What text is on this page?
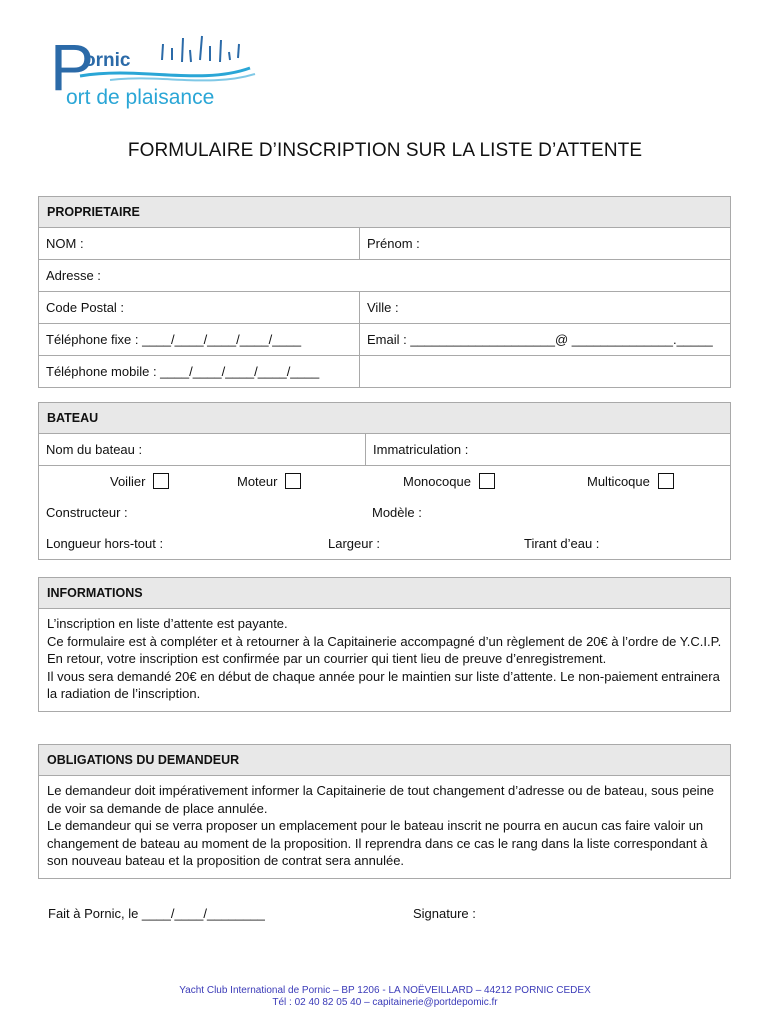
P
ornic
ort de plaisance
FORMULAIRE D’INSCRIPTION SUR LA LISTE D’ATTENTE
PROPRIETAIRE
NOM :	Prénom :
Adresse :
Code Postal :	Ville :
Téléphone fixe : ____/____/____/____/____	Email : ____________________@ ______________._____
Téléphone mobile : ____/____/____/____/____
BATEAU
Nom du bateau :	Immatriculation :
Voilier	Moteur	Monocoque	Multicoque
Constructeur :	Modèle :
Longueur hors-tout :	Largeur :	Tirant d’eau :
INFORMATIONS

L’inscription en liste d’attente est payante.

Ce formulaire est à compléter et à retourner à la Capitainerie accompagné d’un règlement de 20€ à l’ordre de Y.C.I.P.

En retour, votre inscription est confirmée par un courrier qui tient lieu de preuve d’enregistrement.

Il vous sera demandé 20€ en début de chaque année pour le maintien sur liste d’attente. Le non-paiement entrainera la radiation de l’inscription.

OBLIGATIONS DU DEMANDEUR

Le demandeur doit impérativement informer la Capitainerie de tout changement d’adresse ou de bateau, sous peine de voir sa demande de place annulée.

Le demandeur qui se verra proposer un emplacement pour le bateau inscrit ne pourra en aucun cas faire valoir un changement de bateau au moment de la proposition. Il reprendra dans ce cas le rang dans la liste correspondant à son nouveau bateau et la proposition de contrat sera annulée.

Fait à Pornic, le ____/____/________	Signature :
Yacht Club International de Pornic – BP 1206 - LA NOËVEILLARD – 44212 PORNIC CEDEX
Tél : 02 40 82 05 40 – capitainerie@portdepomic.fr
